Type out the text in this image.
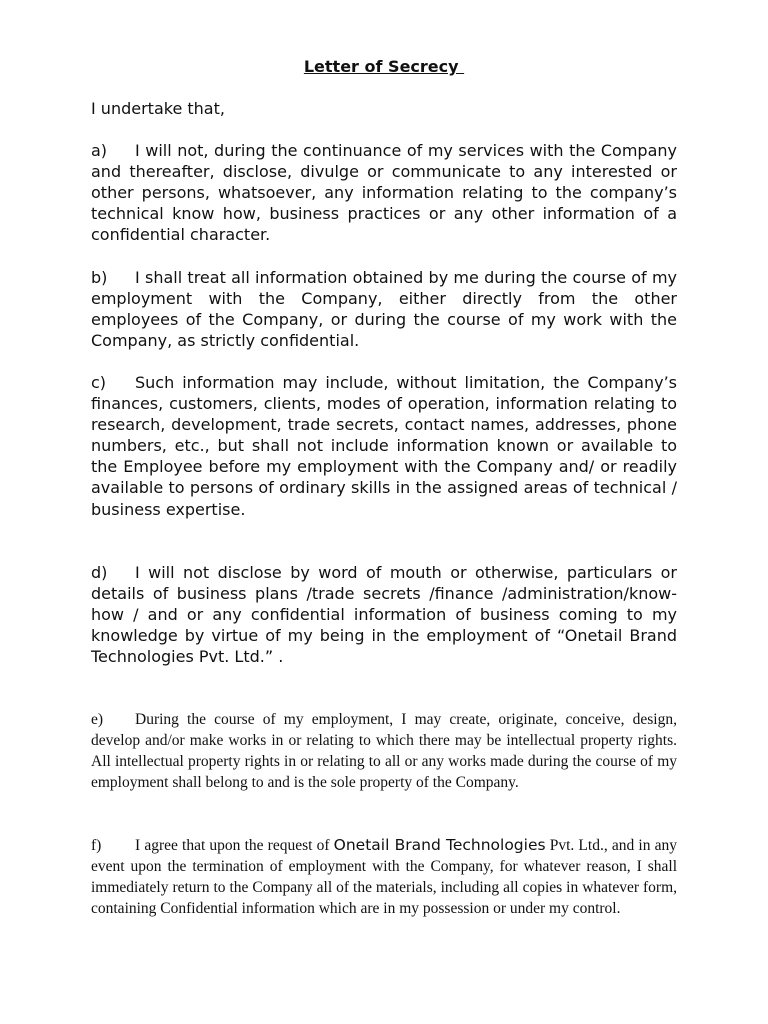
Letter of Secrecy
I undertake that,

a) I will not, during the continuance of my services with the Company and thereafter, disclose, divulge or communicate to any interested or other persons, whatsoever, any information relating to the company’s technical know how, business practices or any other information of a confidential character.

b) I shall treat all information obtained by me during the course of my employment with the Company, either directly from the other employees of the Company, or during the course of my work with the Company, as strictly confidential.

c) Such information may include, without limitation, the Company’s finances, customers, clients, modes of operation, information relating to research, development, trade secrets, contact names, addresses, phone numbers, etc., but shall not include information known or available to the Employee before my employment with the Company and/ or readily available to persons of ordinary skills in the assigned areas of technical / business expertise.

d) I will not disclose by word of mouth or otherwise, particulars or details of business plans /trade secrets /finance /administration/know-how / and or any confidential information of business coming to my knowledge by virtue of my being in the employment of “Onetail Brand Technologies Pvt. Ltd.” .

e) During the course of my employment, I may create, originate, conceive, design, develop and/or make works in or relating to which there may be intellectual property rights. All intellectual property rights in or relating to all or any works made during the course of my employment shall belong to and is the sole property of the Company.

f) I agree that upon the request of Onetail Brand Technologies Pvt. Ltd., and in any event upon the termination of employment with the Company, for whatever reason, I shall immediately return to the Company all of the materials, including all copies in whatever form, containing Confidential information which are in my possession or under my control.
